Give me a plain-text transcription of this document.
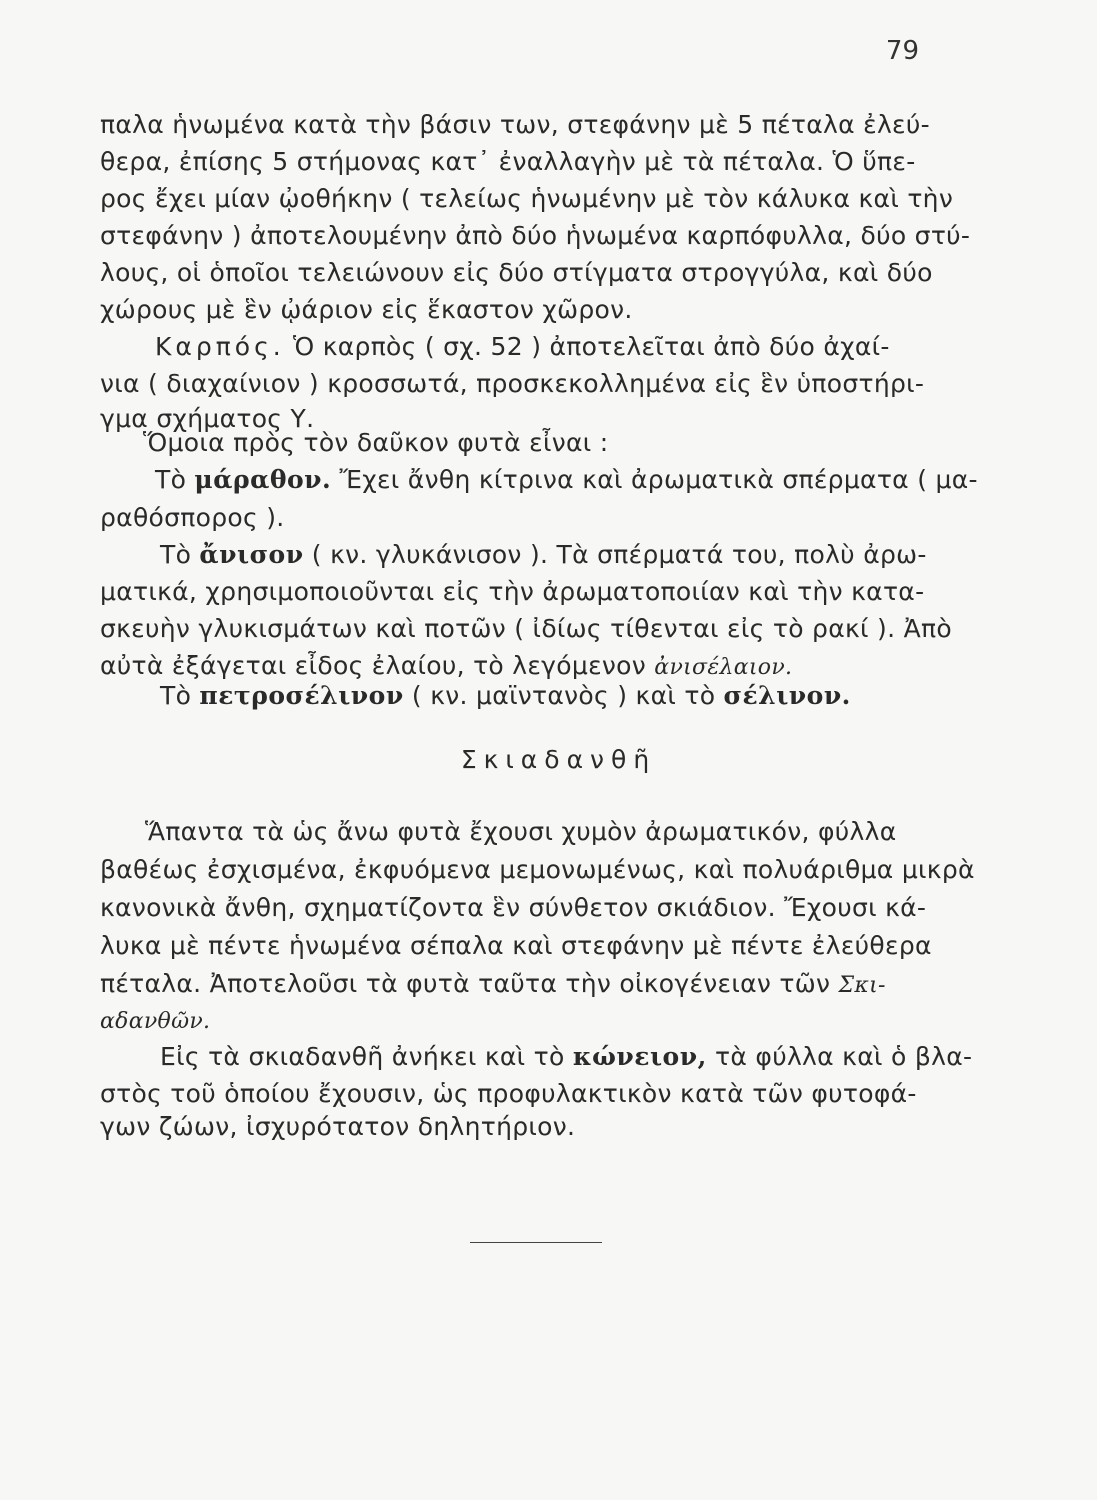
79
παλα ἡνωμένα κατὰ τὴν βάσιν των, στεφάνην μὲ 5 πέταλα ἐλεύ-
θερα, ἐπίσης 5 στήμονας κατ᾽ ἐναλλαγὴν μὲ τὰ πέταλα. Ὁ ὕπε-
ρος ἔχει μίαν ᾠοθήκην ( τελείως ἡνωμένην μὲ τὸν κάλυκα καὶ τὴν
στεφάνην ) ἀποτελουμένην ἀπὸ δύο ἡνωμένα καρπόφυλλα, δύο στύ-
λους, οἱ ὁποῖοι τελειώνουν εἰς δύο στίγματα στρογγύλα, καὶ δύο
χώρους μὲ ἓν ᾠάριον εἰς ἕκαστον χῶρον.
Καρπός. Ὁ καρπὸς ( σχ. 52 ) ἀποτελεῖται ἀπὸ δύο ἀχαί-
νια ( διαχαίνιον ) κροσσωτά, προσκεκολλημένα εἰς ἓν ὑποστήρι-
γμα σχήματος Υ.
Ὅμοια πρὸς τὸν δαῦκον φυτὰ εἶναι :
Τὸ μάραθον. Ἔχει ἄνθη κίτρινα καὶ ἀρωματικὰ σπέρματα ( μα-
ραθόσπορος ).
Τὸ ἄνισον ( κν. γλυκάνισον ). Τὰ σπέρματά του, πολὺ ἀρω-
ματικά, χρησιμοποιοῦνται εἰς τὴν ἀρωματοποιίαν καὶ τὴν κατα-
σκευὴν γλυκισμάτων καὶ ποτῶν ( ἰδίως τίθενται εἰς τὸ ρακί ). Ἀπὸ
αὐτὰ ἐξάγεται εἶδος ἐλαίου, τὸ λεγόμενον ἀνισέλαιον.
Τὸ πετροσέλινον ( κν. μαϊντανὸς ) καὶ τὸ σέλινον.
Σκιαδανθῆ
Ἅπαντα τὰ ὡς ἄνω φυτὰ ἔχουσι χυμὸν ἀρωματικόν, φύλλα
βαθέως ἐσχισμένα, ἐκφυόμενα μεμονωμένως, καὶ πολυάριθμα μικρὰ
κανονικὰ ἄνθη, σχηματίζοντα ἓν σύνθετον σκιάδιον. Ἔχουσι κά-
λυκα μὲ πέντε ἡνωμένα σέπαλα καὶ στεφάνην μὲ πέντε ἐλεύθερα
πέταλα. Ἀποτελοῦσι τὰ φυτὰ ταῦτα τὴν οἰκογένειαν τῶν Σκι-
αδανθῶν.
Εἰς τὰ σκιαδανθῆ ἀνήκει καὶ τὸ κώνειον, τὰ φύλλα καὶ ὁ βλα-
στὸς τοῦ ὁποίου ἔχουσιν, ὡς προφυλακτικὸν κατὰ τῶν φυτοφά-
γων ζώων, ἰσχυρότατον δηλητήριον.
